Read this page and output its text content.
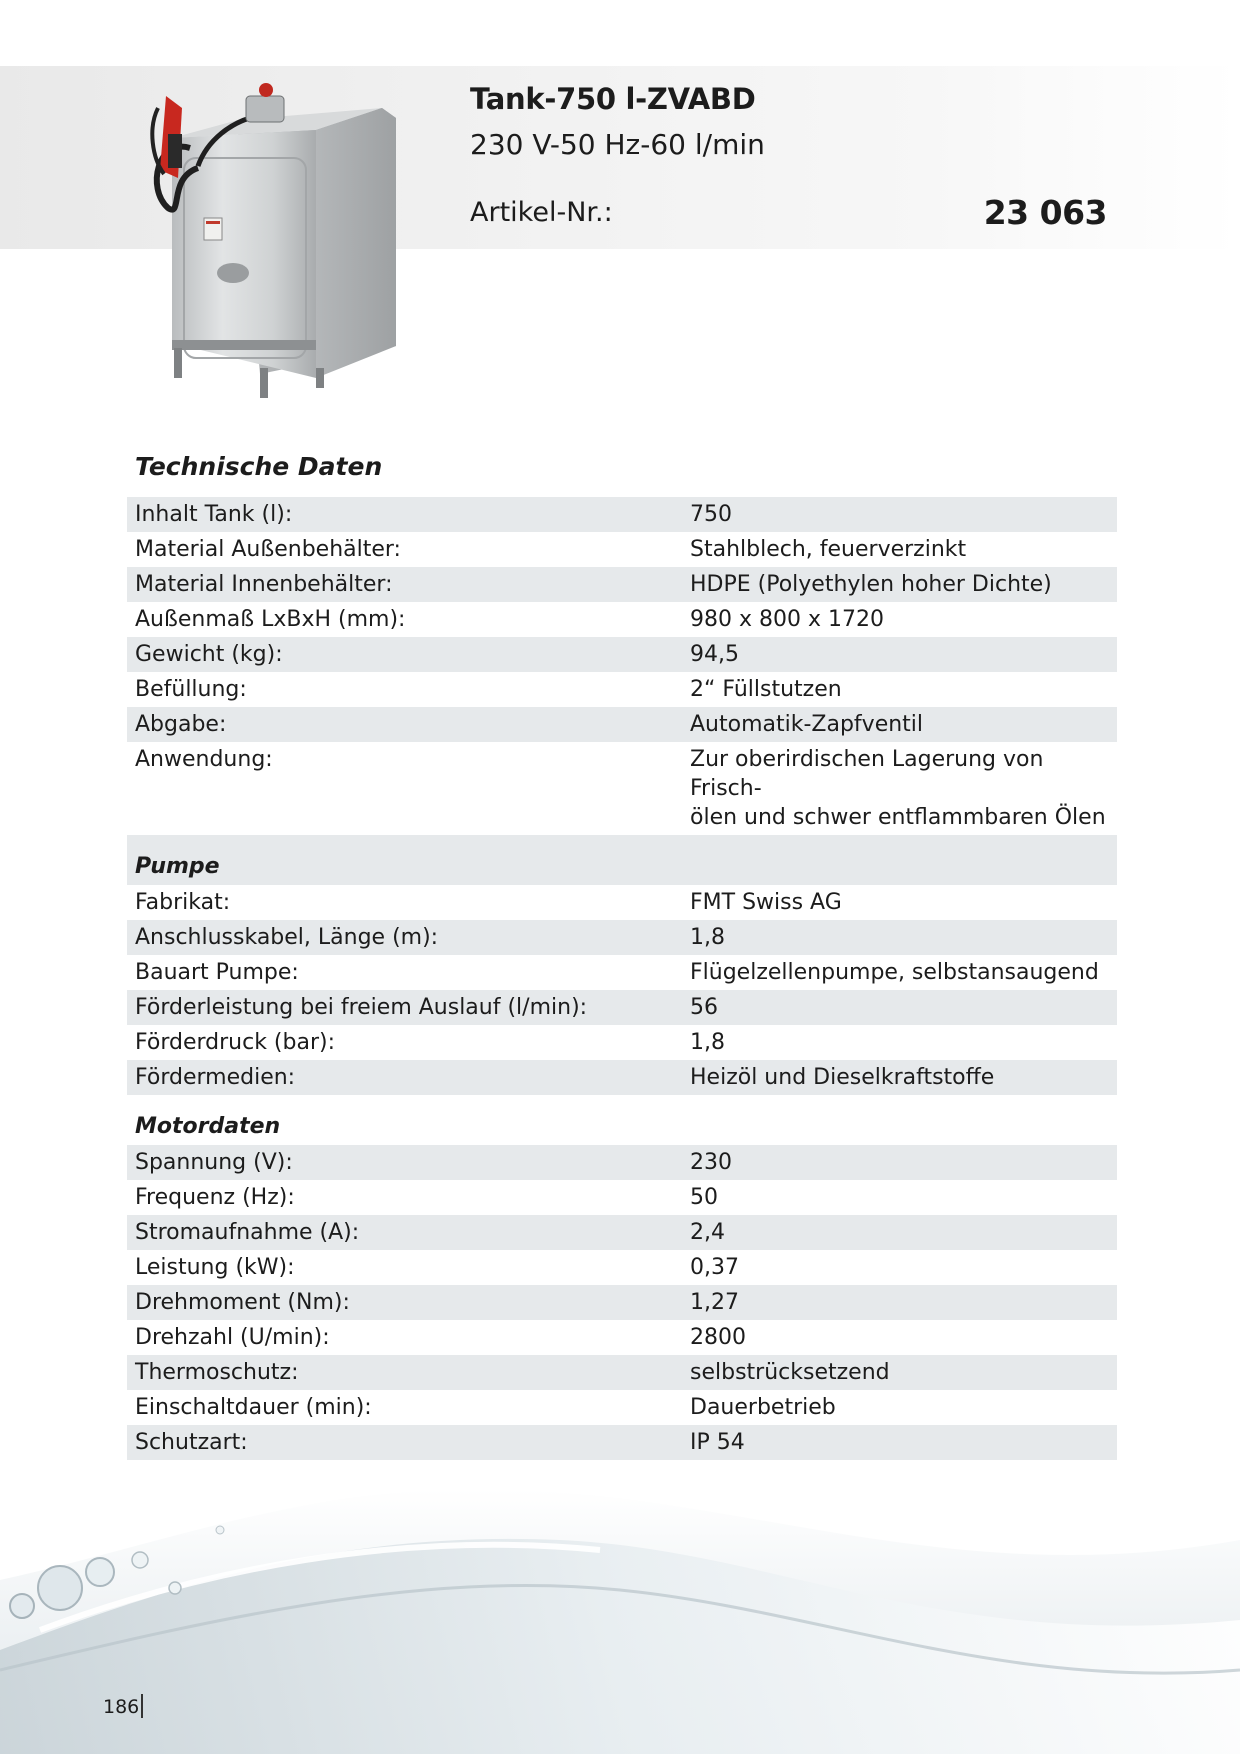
Tank-750 l-ZVABD
230 V-50 Hz-60 l/min
Artikel-Nr.:	23 063
Technische Daten
Inhalt Tank (l):	750
Material Außenbehälter:	Stahlblech, feuerverzinkt
Material Innenbehälter:	HDPE (Polyethylen hoher Dichte)
Außenmaß LxBxH (mm):	980 x 800 x 1720
Gewicht (kg):	94,5
Befüllung:	2“ Füllstutzen
Abgabe:	Automatik-Zapfventil
Anwendung:	Zur oberirdischen Lagerung von Frisch-
ölen und schwer entflammbaren Ölen
Pumpe
Fabrikat:	FMT Swiss AG
Anschlusskabel, Länge (m):	1,8
Bauart Pumpe:	Flügelzellenpumpe, selbstansaugend
Förderleistung bei freiem Auslauf (l/min):	56
Förderdruck (bar):	1,8
Fördermedien:	Heizöl und Dieselkraftstoffe
Motordaten
Spannung (V):	230
Frequenz (Hz):	50
Stromaufnahme (A):	2,4
Leistung (kW):	0,37
Drehmoment (Nm):	1,27
Drehzahl (U/min):	2800
Thermoschutz:	selbstrücksetzend
Einschaltdauer (min):	Dauerbetrieb
Schutzart:	IP 54
186
